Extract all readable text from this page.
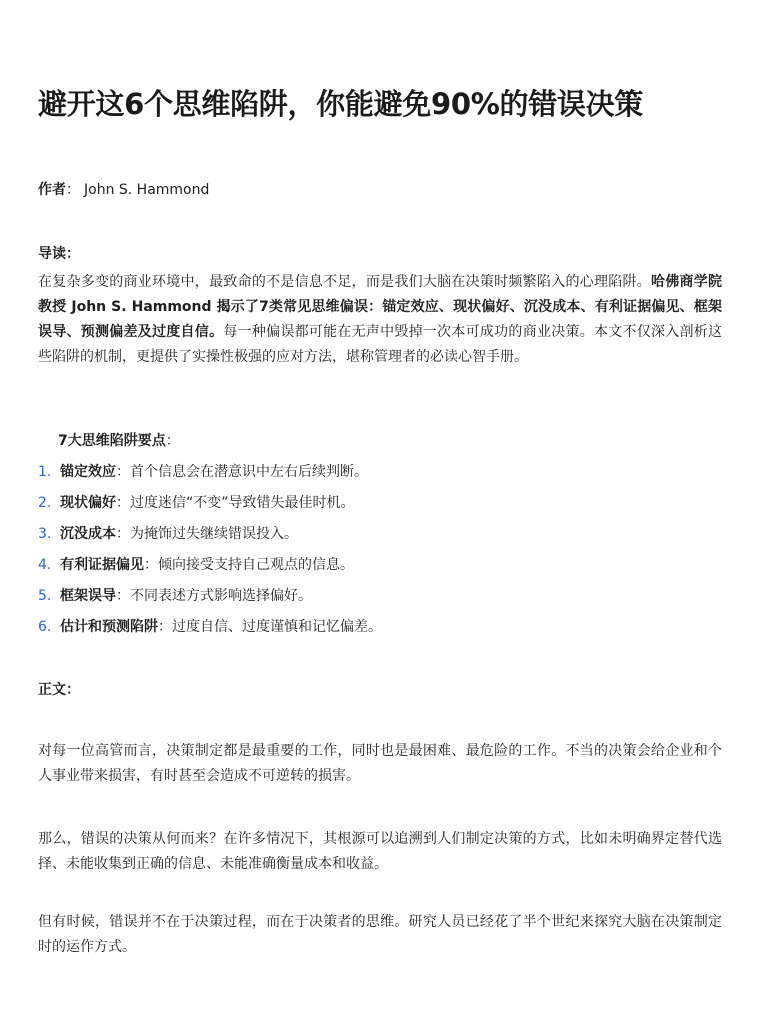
避开这6个思维陷阱，你能避免90%的错误决策
作者： John S. Hammond
导读：

在复杂多变的商业环境中，最致命的不是信息不足，而是我们大脑在决策时频繁陷入的心理陷阱。哈佛商学院教授 John S. Hammond 揭示了7类常见思维偏误：锚定效应、现状偏好、沉没成本、有利证据偏见、框架误导、预测偏差及过度自信。每一种偏误都可能在无声中毁掉一次本可成功的商业决策。本文不仅深入剖析这些陷阱的机制，更提供了实操性极强的应对方法，堪称管理者的必读心智手册。

7大思维陷阱要点：
1. 锚定效应：首个信息会在潜意识中左右后续判断。
2. 现状偏好：过度迷信“不变”导致错失最佳时机。
3. 沉没成本：为掩饰过失继续错误投入。
4. 有利证据偏见：倾向接受支持自己观点的信息。
5. 框架误导：不同表述方式影响选择偏好。
6. 估计和预测陷阱：过度自信、过度谨慎和记忆偏差。
正文：

对每一位高管而言，决策制定都是最重要的工作，同时也是最困难、最危险的工作。不当的决策会给企业和个人事业带来损害，有时甚至会造成不可逆转的损害。

那么，错误的决策从何而来？在许多情况下，其根源可以追溯到人们制定决策的方式，比如未明确界定替代选择、未能收集到正确的信息、未能准确衡量成本和收益。

但有时候，错误并不在于决策过程，而在于决策者的思维。研究人员已经花了半个世纪来探究大脑在决策制定时的运作方式。
